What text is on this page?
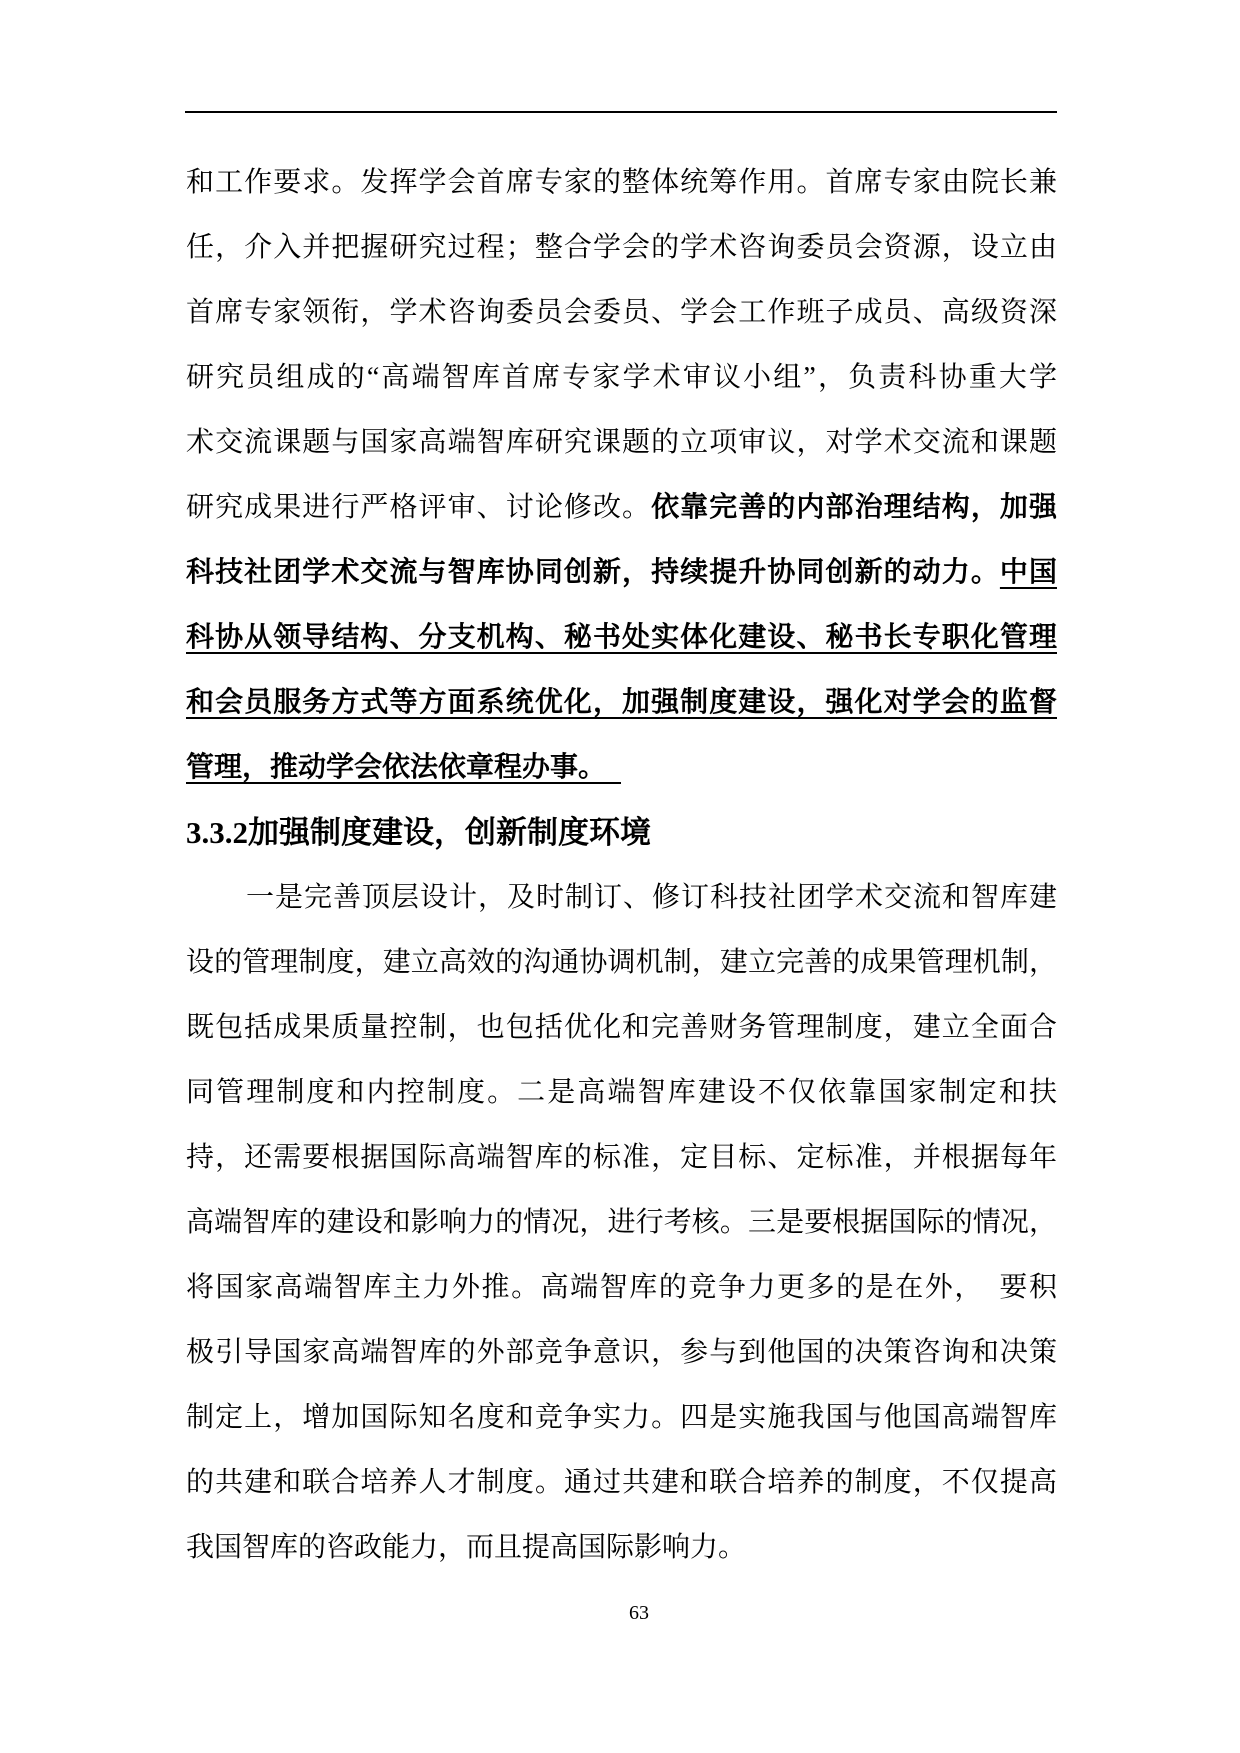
和工作要求。发挥学会首席专家的整体统筹作用。首席专家由院长兼
任，介入并把握研究过程；整合学会的学术咨询委员会资源，设立由
首席专家领衔，学术咨询委员会委员、学会工作班子成员、高级资深
研究员组成的“高端智库首席专家学术审议小组”，负责科协重大学
术交流课题与国家高端智库研究课题的立项审议，对学术交流和课题
研究成果进行严格评审、讨论修改。依靠完善的内部治理结构，加强
科技社团学术交流与智库协同创新，持续提升协同创新的动力。中国
科协从领导结构、分支机构、秘书处实体化建设、秘书长专职化管理
和会员服务方式等方面系统优化，加强制度建设，强化对学会的监督
管理，推动学会依法依章程办事。
3.3.2加强制度建设，创新制度环境
一是完善顶层设计，及时制订、修订科技社团学术交流和智库建
设的管理制度，建立高效的沟通协调机制，建立完善的成果管理机制，
既包括成果质量控制，也包括优化和完善财务管理制度，建立全面合
同管理制度和内控制度。二是高端智库建设不仅依靠国家制定和扶
持，还需要根据国际高端智库的标准，定目标、定标准，并根据每年
高端智库的建设和影响力的情况，进行考核。三是要根据国际的情况，
将国家高端智库主力外推。高端智库的竞争力更多的是在外，　要积
极引导国家高端智库的外部竞争意识，参与到他国的决策咨询和决策
制定上，增加国际知名度和竞争实力。四是实施我国与他国高端智库
的共建和联合培养人才制度。通过共建和联合培养的制度，不仅提高
我国智库的咨政能力，而且提高国际影响力。
63
